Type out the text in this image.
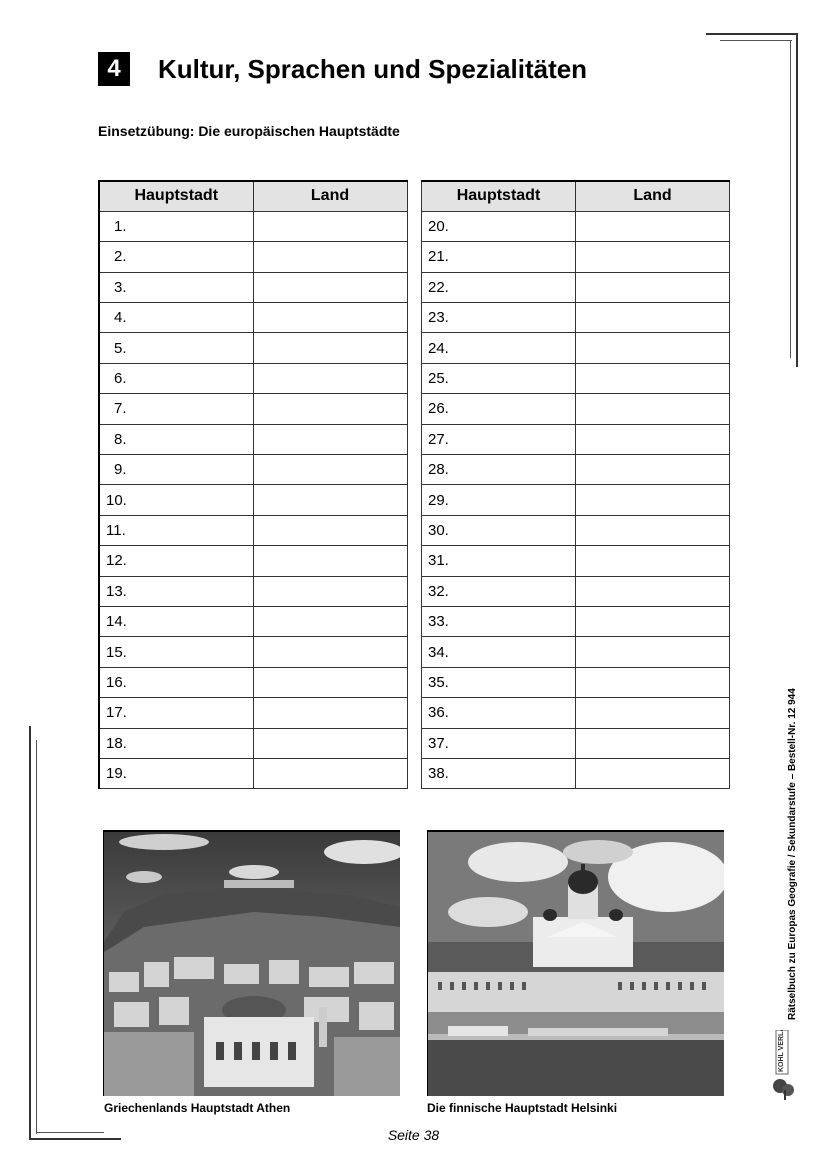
4	Kultur, Sprachen und Spezialitäten
Einsetzübung: Die europäischen Hauptstädte
Hauptstadt	Land
1.	
2.	
3.	
4.	
5.	
6.	
7.	
8.	
9.	
10.	
11.	
12.	
13.	
14.	
15.	
16.	
17.	
18.	
19.	
Hauptstadt	Land
20.	
21.	
22.	
23.	
24.	
25.	
26.	
27.	
28.	
29.	
30.	
31.	
32.	
33.	
34.	
35.	
36.	
37.	
38.	
Griechenlands Hauptstadt Athen	Die finnische Hauptstadt Helsinki
Rätselbuch zu Europas Geografie / Sekundarstufe – Bestell-Nr. 12 944
KOHL VERLAG
Seite 38
